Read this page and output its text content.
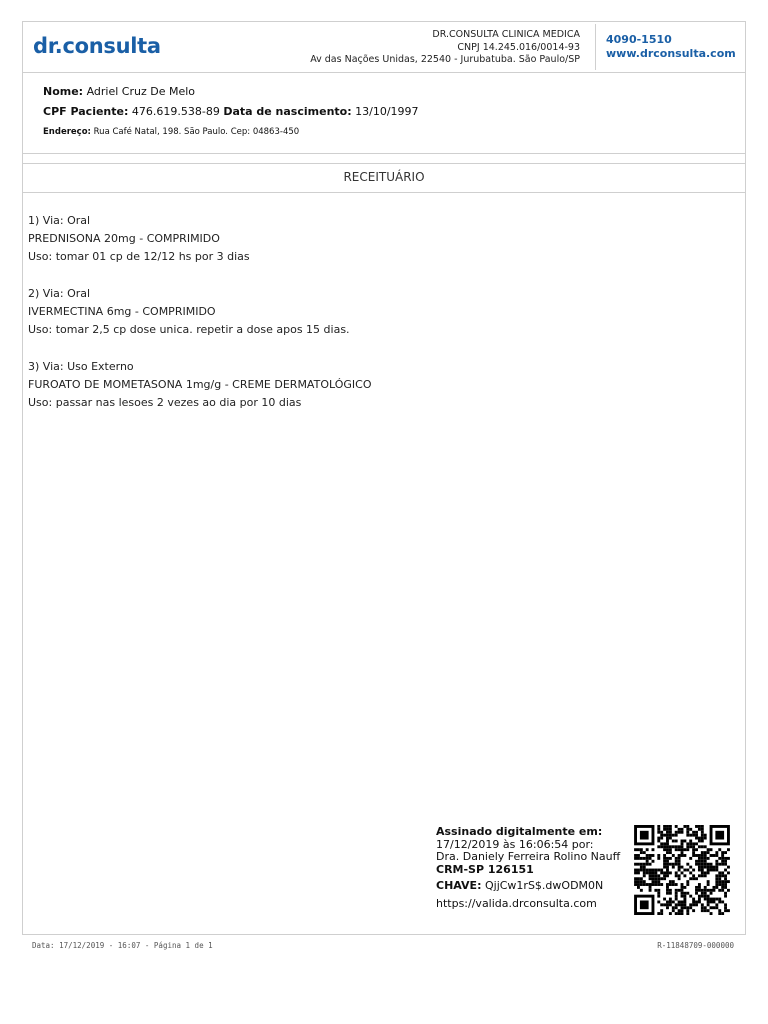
dr.consulta	DR.CONSULTA CLINICA MEDICA
CNPJ 14.245.016/0014-93
Av das Nações Unidas, 22540 - Jurubatuba. São Paulo/SP
4090-1510
www.drconsulta.com
Nome: Adriel Cruz De Melo
CPF Paciente: 476.619.538-89 Data de nascimento: 13/10/1997
Endereço: Rua Café Natal, 198. São Paulo. Cep: 04863-450
RECEITUÁRIO
1) Via: Oral
PREDNISONA 20mg - COMPRIMIDO
Uso: tomar 01 cp de 12/12 hs por 3 dias
2) Via: Oral
IVERMECTINA 6mg - COMPRIMIDO
Uso: tomar 2,5 cp dose unica. repetir a dose apos 15 dias.
3) Via: Uso Externo
FUROATO DE MOMETASONA 1mg/g - CREME DERMATOLÓGICO
Uso: passar nas lesoes 2 vezes ao dia por 10 dias
Assinado digitalmente em:
17/12/2019 às 16:06:54 por:
Dra. Daniely Ferreira Rolino Nauff
CRM-SP 126151
CHAVE: QjjCw1rS$.dwODM0N
https://valida.drconsulta.com
Data: 17/12/2019 - 16:07 - Página 1 de 1	R-11848709-000000
